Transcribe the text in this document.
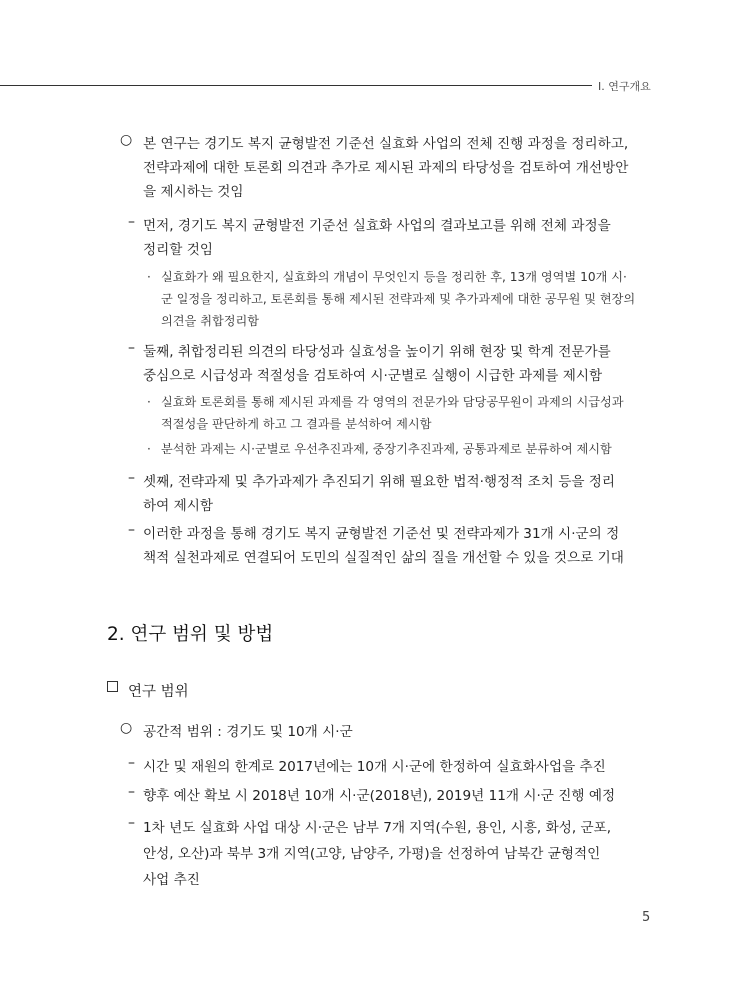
Ⅰ. 연구개요
○ 본 연구는 경기도 복지 균형발전 기준선 실효화 사업의 전체 진행 과정을 정리하고,
전략과제에 대한 토론회 의견과 추가로 제시된 과제의 타당성을 검토하여 개선방안
을 제시하는 것임
– 먼저, 경기도 복지 균형발전 기준선 실효화 사업의 결과보고를 위해 전체 과정을
정리할 것임
· 실효화가 왜 필요한지, 실효화의 개념이 무엇인지 등을 정리한 후, 13개 영역별 10개 시·
군 일정을 정리하고, 토론회를 통해 제시된 전략과제 및 추가과제에 대한 공무원 및 현장의
의견을 취합정리함
– 둘째, 취합정리된 의견의 타당성과 실효성을 높이기 위해 현장 및 학계 전문가를
중심으로 시급성과 적절성을 검토하여 시·군별로 실행이 시급한 과제를 제시함
· 실효화 토론회를 통해 제시된 과제를 각 영역의 전문가와 담당공무원이 과제의 시급성과
적절성을 판단하게 하고 그 결과를 분석하여 제시함
· 분석한 과제는 시·군별로 우선추진과제, 중장기추진과제, 공통과제로 분류하여 제시함
– 셋째, 전략과제 및 추가과제가 추진되기 위해 필요한 법적·행정적 조치 등을 정리
하여 제시함
– 이러한 과정을 통해 경기도 복지 균형발전 기준선 및 전략과제가 31개 시·군의 정
책적 실천과제로 연결되어 도민의 실질적인 삶의 질을 개선할 수 있을 것으로 기대
2. 연구 범위 및 방법
연구 범위
○ 공간적 범위 : 경기도 및 10개 시·군
– 시간 및 재원의 한계로 2017년에는 10개 시·군에 한정하여 실효화사업을 추진
– 향후 예산 확보 시 2018년 10개 시·군(2018년), 2019년 11개 시·군 진행 예정
– 1차 년도 실효화 사업 대상 시·군은 남부 7개 지역(수원, 용인, 시흥, 화성, 군포,
안성, 오산)과 북부 3개 지역(고양, 남양주, 가평)을 선정하여 남북간 균형적인
사업 추진
5
